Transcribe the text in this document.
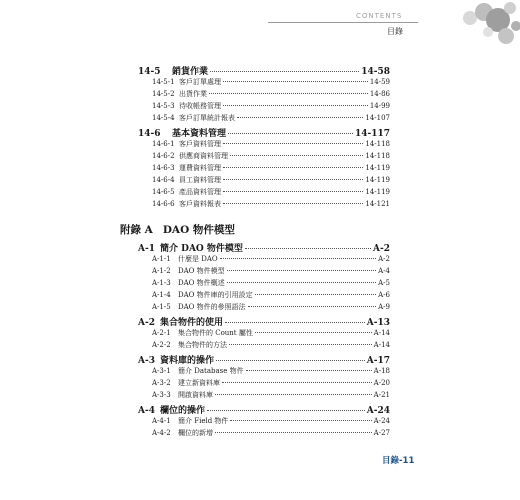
CONTENTS
目錄
14-5	銷貨作業	14-58
14-5-1 客戶訂單處理	14-59
14-5-2 出貨作業	14-86
14-5-3 待收帳務管理	14-99
14-5-4 客戶訂單統計報表	14-107
14-6	基本資料管理	14-117
14-6-1 客戶資料管理	14-118
14-6-2 供應商資料管理	14-118
14-6-3 運費資料管理	14-119
14-6-4 員工資料管理	14-119
14-6-5 產品資料管理	14-119
14-6-6 客戶資料報表	14-121
附錄 A DAO 物件模型
A-1 簡介 DAO 物件模型	A-2
A-1-1	什麼是 DAO	A-2
A-1-2	DAO 物件模型	A-4
A-1-3	DAO 物件概述	A-5
A-1-4	DAO 物件庫的引用設定	A-6
A-1-5	DAO 物件的參照語法	A-9
A-2 集合物件的使用	A-13
A-2-1	集合物件的 Count 屬性	A-14
A-2-2	集合物件的方法	A-14
A-3 資料庫的操作	A-17
A-3-1	簡介 Database 物件	A-18
A-3-2	建立新資料庫	A-20
A-3-3	開啟資料庫	A-21
A-4 欄位的操作	A-24
A-4-1	簡介 Field 物件	A-24
A-4-2	欄位的新增	A-27
目錄-11
